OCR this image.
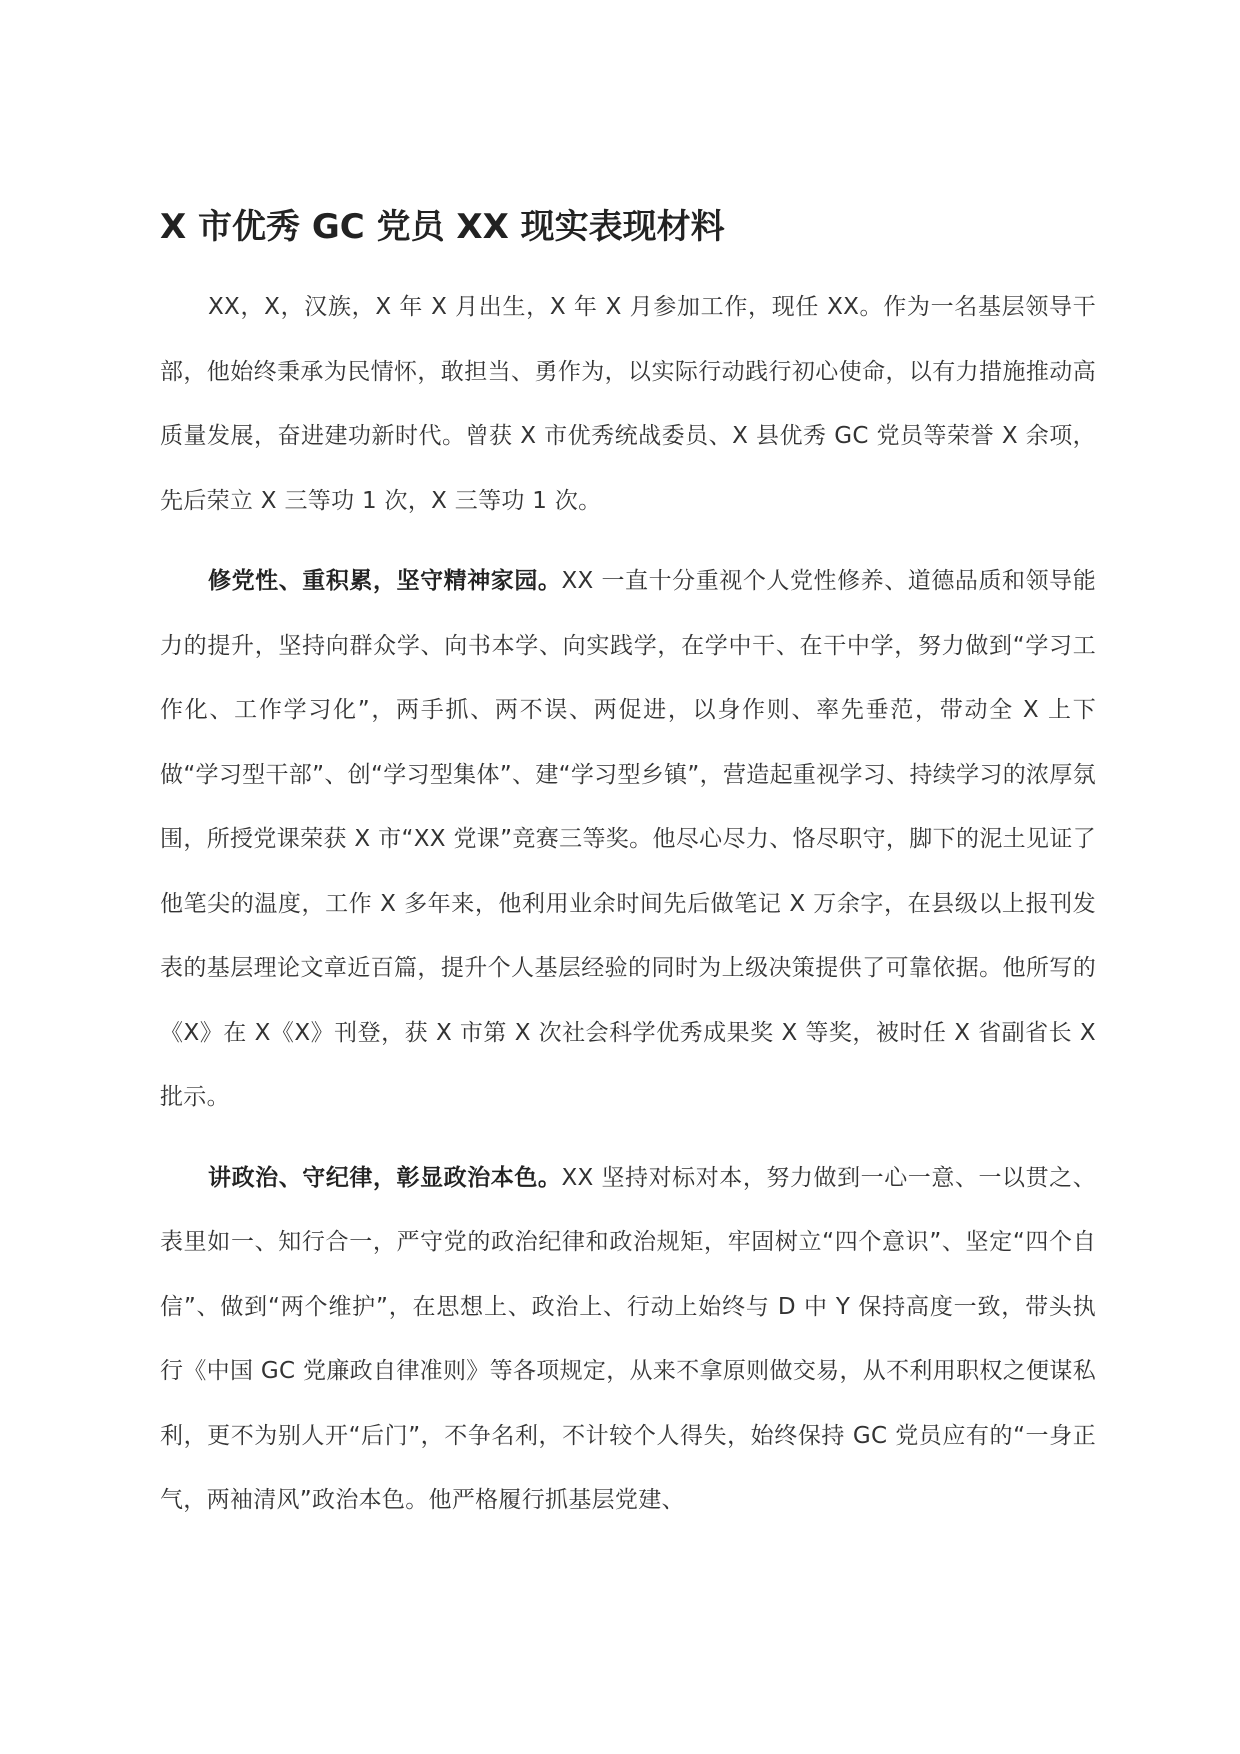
X 市优秀 GC 党员 XX 现实表现材料

XX，X，汉族，X 年 X 月出生，X 年 X 月参加工作，现任 XX。作为一名基层领导干部，他始终秉承为民情怀，敢担当、勇作为，以实际行动践行初心使命，以有力措施推动高质量发展，奋进建功新时代。曾获 X 市优秀统战委员、X 县优秀 GC 党员等荣誉 X 余项，先后荣立 X 三等功 1 次，X 三等功 1 次。

修党性、重积累，坚守精神家园。XX 一直十分重视个人党性修养、道德品质和领导能力的提升，坚持向群众学、向书本学、向实践学，在学中干、在干中学，努力做到“学习工作化、工作学习化”，两手抓、两不误、两促进，以身作则、率先垂范，带动全 X 上下做“学习型干部”、创“学习型集体”、建“学习型乡镇”，营造起重视学习、持续学习的浓厚氛围，所授党课荣获 X 市“XX 党课”竞赛三等奖。他尽心尽力、恪尽职守，脚下的泥土见证了他笔尖的温度，工作 X 多年来，他利用业余时间先后做笔记 X 万余字，在县级以上报刊发表的基层理论文章近百篇，提升个人基层经验的同时为上级决策提供了可靠依据。他所写的《X》在 X《X》刊登，获 X 市第 X 次社会科学优秀成果奖 X 等奖，被时任 X 省副省长 X 批示。

讲政治、守纪律，彰显政治本色。XX 坚持对标对本，努力做到一心一意、一以贯之、表里如一、知行合一，严守党的政治纪律和政治规矩，牢固树立“四个意识”、坚定“四个自信”、做到“两个维护”，在思想上、政治上、行动上始终与 D 中 Y 保持高度一致，带头执行《中国 GC 党廉政自律准则》等各项规定，从来不拿原则做交易，从不利用职权之便谋私利，更不为别人开“后门”，不争名利，不计较个人得失，始终保持 GC 党员应有的“一身正气，两袖清风”政治本色。他严格履行抓基层党建、
